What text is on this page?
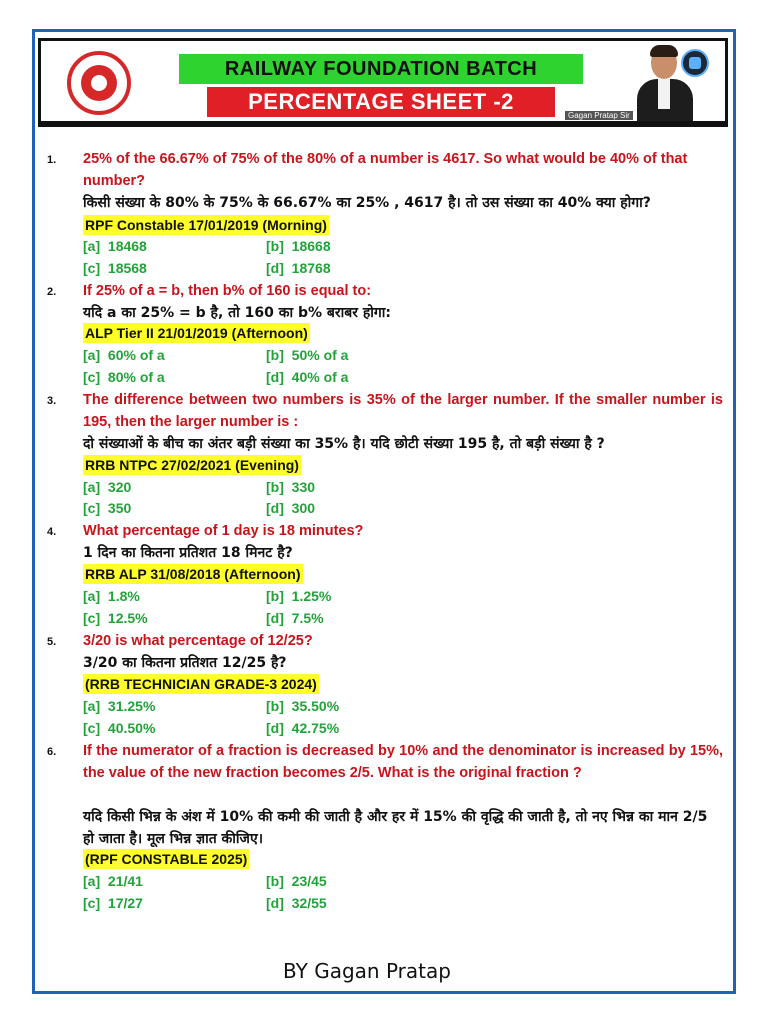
RAILWAY FOUNDATION BATCH
PERCENTAGE SHEET -2
Gagan Pratap Sir
1. 25% of the 66.67% of 75% of the 80% of a number is 4617. So what would be 40% of that number?
किसी संख्या के 80% के 75% के 66.67% का 25% , 4617 है। तो उस संख्या का 40% क्या होगा?
RPF Constable 17/01/2019 (Morning)
[a] 18468	[b] 18668
[c] 18568	[d] 18768
2. If 25% of a = b, then b% of 160 is equal to:
यदि a का 25% = b है, तो 160 का b% बराबर होगा:
ALP Tier II 21/01/2019 (Afternoon)
[a] 60% of a	[b] 50% of a
[c] 80% of a	[d] 40% of a
3. The difference between two numbers is 35% of the larger number. If the smaller number is 195, then the larger number is :
दो संख्याओं के बीच का अंतर बड़ी संख्या का 35% है। यदि छोटी संख्या 195 है, तो बड़ी संख्या है ?
RRB NTPC 27/02/2021 (Evening)
[a] 320	[b] 330
[c] 350	[d] 300
4. What percentage of 1 day is 18 minutes?
1 दिन का कितना प्रतिशत 18 मिनट है?
RRB ALP 31/08/2018 (Afternoon)
[a] 1.8%	[b] 1.25%
[c] 12.5%	[d] 7.5%
5. 3/20 is what percentage of 12/25?
3/20 का कितना प्रतिशत 12/25 है?
(RRB TECHNICIAN GRADE-3 2024)
[a] 31.25%	[b] 35.50%
[c] 40.50%	[d] 42.75%
6. If the numerator of a fraction is decreased by 10% and the denominator is increased by 15%, the value of the new fraction becomes 2/5. What is the original fraction ?
यदि किसी भिन्न के अंश में 10% की कमी की जाती है और हर में 15% की वृद्धि की जाती है, तो नए भिन्न का मान 2/5 हो जाता है। मूल भिन्न ज्ञात कीजिए।
(RPF CONSTABLE 2025)
[a] 21/41	[b] 23/45
[c] 17/27	[d] 32/55
BY Gagan Pratap
